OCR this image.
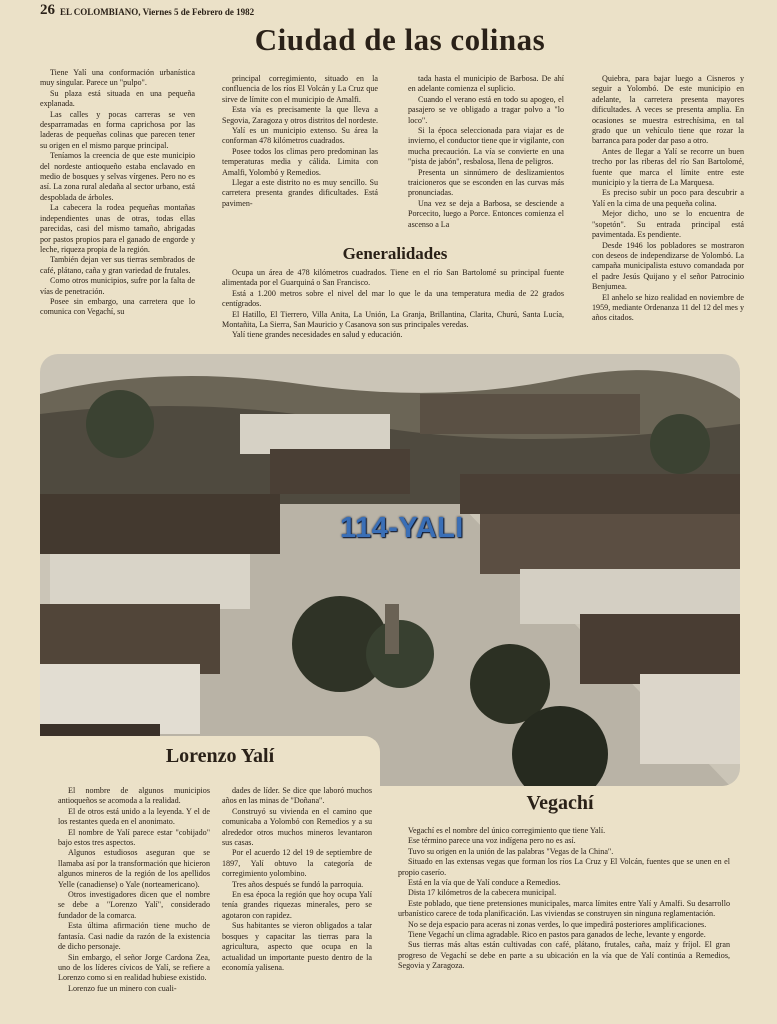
26 EL COLOMBIANO, Viernes 5 de Febrero de 1982
Ciudad de las colinas

Tiene Yalí una conformación urbanística muy singular. Parece un "pulpo".

Su plaza está situada en una pequeña explanada.

Las calles y pocas carreras se ven desparramadas en forma caprichosa por las laderas de pequeñas colinas que parecen tener su origen en el mismo parque principal.

Teníamos la creencia de que este municipio del nordeste antioqueño estaba enclavado en medio de bosques y selvas vírgenes. Pero no es así. La zona rural aledaña al sector urbano, está despoblada de árboles.

La cabecera la rodea pequeñas montañas independientes unas de otras, todas ellas parecidas, casi del mismo tamaño, abrigadas por pastos propios para el ganado de engorde y leche, riqueza propia de la región.

También dejan ver sus tierras sembrados de café, plátano, caña y gran variedad de frutales.

Como otros municipios, sufre por la falta de vías de penetración.

Posee sin embargo, una carretera que lo comunica con Vegachí, su

principal corregimiento, situado en la confluencia de los ríos El Volcán y La Cruz que sirve de límite con el municipio de Amalfi.

Esta vía es precisamente la que lleva a Segovia, Zaragoza y otros distritos del nordeste.

Yalí es un municipio extenso. Su área la conforman 478 kilómetros cuadrados.

Posee todos los climas pero predominan las temperaturas media y cálida. Limita con Amalfi, Yolombó y Remedios.

Llegar a este distrito no es muy sencillo. Su carretera presenta grandes dificultades. Está pavimen-

tada hasta el municipio de Barbosa. De ahí en adelante comienza el suplicio.

Cuando el verano está en todo su apogeo, el pasajero se ve obligado a tragar polvo a "lo loco".

Si la época seleccionada para viajar es de invierno, el conductor tiene que ir vigilante, con mucha precaución. La vía se convierte en una "pista de jabón", resbalosa, llena de peligros.

Presenta un sinnúmero de deslizamientos traicioneros que se esconden en las curvas más pronunciadas.

Una vez se deja a Barbosa, se desciende a Porcecito, luego a Porce. Entonces comienza el ascenso a La

Quiebra, para bajar luego a Cisneros y seguir a Yolombó. De este municipio en adelante, la carretera presenta mayores dificultades. A veces se presenta amplia. En ocasiones se muestra estrechísima, en tal grado que un vehículo tiene que rozar la barranca para poder dar paso a otro.

Antes de llegar a Yalí se recorre un buen trecho por las riberas del río San Bartolomé, fuente que marca el límite entre este municipio y la tierra de La Marquesa.

Es preciso subir un poco para descubrir a Yalí en la cima de una pequeña colina.

Mejor dicho, uno se lo encuentra de "sopetón". Su entrada principal está pavimentada. Es pendiente.

Desde 1946 los pobladores se mostraron con deseos de independizarse de Yolombó. La campaña municipalista estuvo comandada por el padre Jesús Quijano y el señor Patrocinio Benjumea.

El anhelo se hizo realidad en noviembre de 1959, mediante Ordenanza 11 del 12 del mes y años citados.

Generalidades

Ocupa un área de 478 kilómetros cuadrados. Tiene en el río San Bartolomé su principal fuente alimentada por el Guarquiná o San Francisco.

Está a 1.200 metros sobre el nivel del mar lo que le da una temperatura media de 22 grados centígrados.

El Hatillo, El Tierrero, Villa Anita, La Unión, La Granja, Brillantina, Clarita, Churú, Santa Lucía, Montañita, La Sierra, San Mauricio y Casanova son sus principales veredas.

Yalí tiene grandes necesidades en salud y educación.

114-YALI
Lorenzo Yalí

El nombre de algunos municipios antioqueños se acomoda a la realidad.

El de otros está unido a la leyenda. Y el de los restantes queda en el anonimato.

El nombre de Yalí parece estar "cobijado" bajo estos tres aspectos.

Algunos estudiosos aseguran que se llamaba así por la transformación que hicieron algunos mineros de la región de los apellidos Yelle (canadiense) o Yale (norteamericano).

Otros investigadores dicen que el nombre se debe a "Lorenzo Yalí", considerado fundador de la comarca.

Esta última afirmación tiene mucho de fantasía. Casi nadie da razón de la existencia de dicho personaje.

Sin embargo, el señor Jorge Cardona Zea, uno de los líderes cívicos de Yalí, se refiere a Lorenzo como si en realidad hubiese existido.

Lorenzo fue un minero con cuali-

dades de líder. Se dice que laboró muchos años en las minas de "Doñana".

Construyó su vivienda en el camino que comunicaba a Yolombó con Remedios y a su alrededor otros muchos mineros levantaron sus casas.

Por el acuerdo 12 del 19 de septiembre de 1897, Yalí obtuvo la categoría de corregimiento yolombino.

Tres años después se fundó la parroquia.

En esa época la región que hoy ocupa Yalí tenía grandes riquezas minerales, pero se agotaron con rapidez.

Sus habitantes se vieron obligados a talar bosques y capacitar las tierras para la agricultura, aspecto que ocupa en la actualidad un importante puesto dentro de la economía yalisena.

Vegachí

Vegachí es el nombre del único corregimiento que tiene Yalí.

Ese término parece una voz indígena pero no es así.

Tuvo su origen en la unión de las palabras "Vegas de la China".

Situado en las extensas vegas que forman los ríos La Cruz y El Volcán, fuentes que se unen en el propio caserío.

Está en la vía que de Yalí conduce a Remedios.

Dista 17 kilómetros de la cabecera municipal.

Este poblado, que tiene pretensiones municipales, marca límites entre Yalí y Amalfi. Su desarrollo urbanístico carece de toda planificación. Las viviendas se construyen sin ninguna reglamentación.

No se deja espacio para aceras ni zonas verdes, lo que impedirá posteriores amplificaciones.

Tiene Vegachí un clima agradable. Rico en pastos para ganados de leche, levante y engorde.

Sus tierras más altas están cultivadas con café, plátano, frutales, caña, maíz y fríjol. El gran progreso de Vegachí se debe en parte a su ubicación en la vía que de Yalí continúa a Remedios, Segovia y Zaragoza.
